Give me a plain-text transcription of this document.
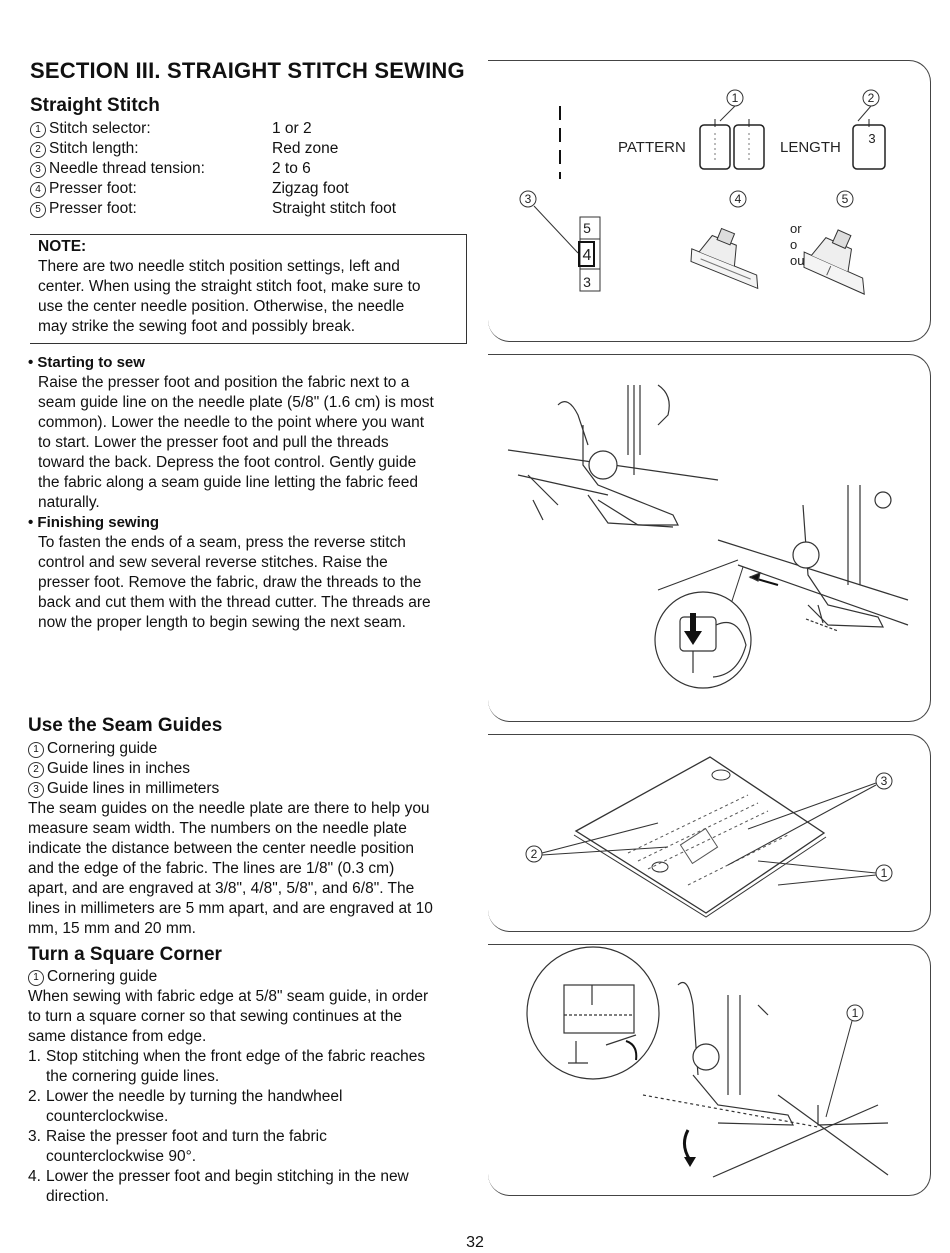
SECTION III. STRAIGHT STITCH SEWING
Straight Stitch
1 Stitch selector:	1 or 2
2 Stitch length:	Red zone
3 Needle thread tension:	2 to 6
4 Presser foot:	Zigzag foot
5 Presser foot:	Straight stitch foot
NOTE:
There are two needle stitch position settings, left and
center. When using the straight stitch foot, make sure to
use the center needle position. Otherwise, the needle
may strike the sewing foot and possibly break.
• Starting to sew
Raise the presser foot and position the fabric next to a
seam guide line on the needle plate (5/8" (1.6 cm) is most
common). Lower the needle to the point where you want
to start. Lower the presser foot and pull the threads
toward the back. Depress the foot control. Gently guide
the fabric along a seam guide line letting the fabric feed
naturally.
• Finishing sewing
To fasten the ends of a seam, press the reverse stitch
control and sew several reverse stitches. Raise the
presser foot. Remove the fabric, draw the threads to the
back and cut them with the thread cutter. The threads are
now the proper length to begin sewing the next seam.
Use the Seam Guides
1 Cornering guide
2 Guide lines in inches
3 Guide lines in millimeters
The seam guides on the needle plate are there to help you
measure seam width. The numbers on the needle plate
indicate the distance between the center needle position
and the edge of the fabric. The lines are 1/8" (0.3 cm)
apart, and are engraved at 3/8", 4/8", 5/8", and 6/8". The
lines in millimeters are 5 mm apart, and are engraved at 10
mm, 15 mm and 20 mm.
Turn a Square Corner
1 Cornering guide
When sewing with fabric edge at 5/8" seam guide, in order
to turn a square corner so that sewing continues at the
same distance from edge.
1. Stop stitching when the front edge of the fabric reaches
the cornering guide lines.
2. Lower the needle by turning the handwheel
counterclockwise.
3. Raise the presser foot and turn the fabric
counterclockwise 90°.
4. Lower the presser foot and begin stitching in the new
direction.
32
1	2
3	4	5
PATTERN	LENGTH
3
5
4
3
or
o
ou
3
2
1
1
